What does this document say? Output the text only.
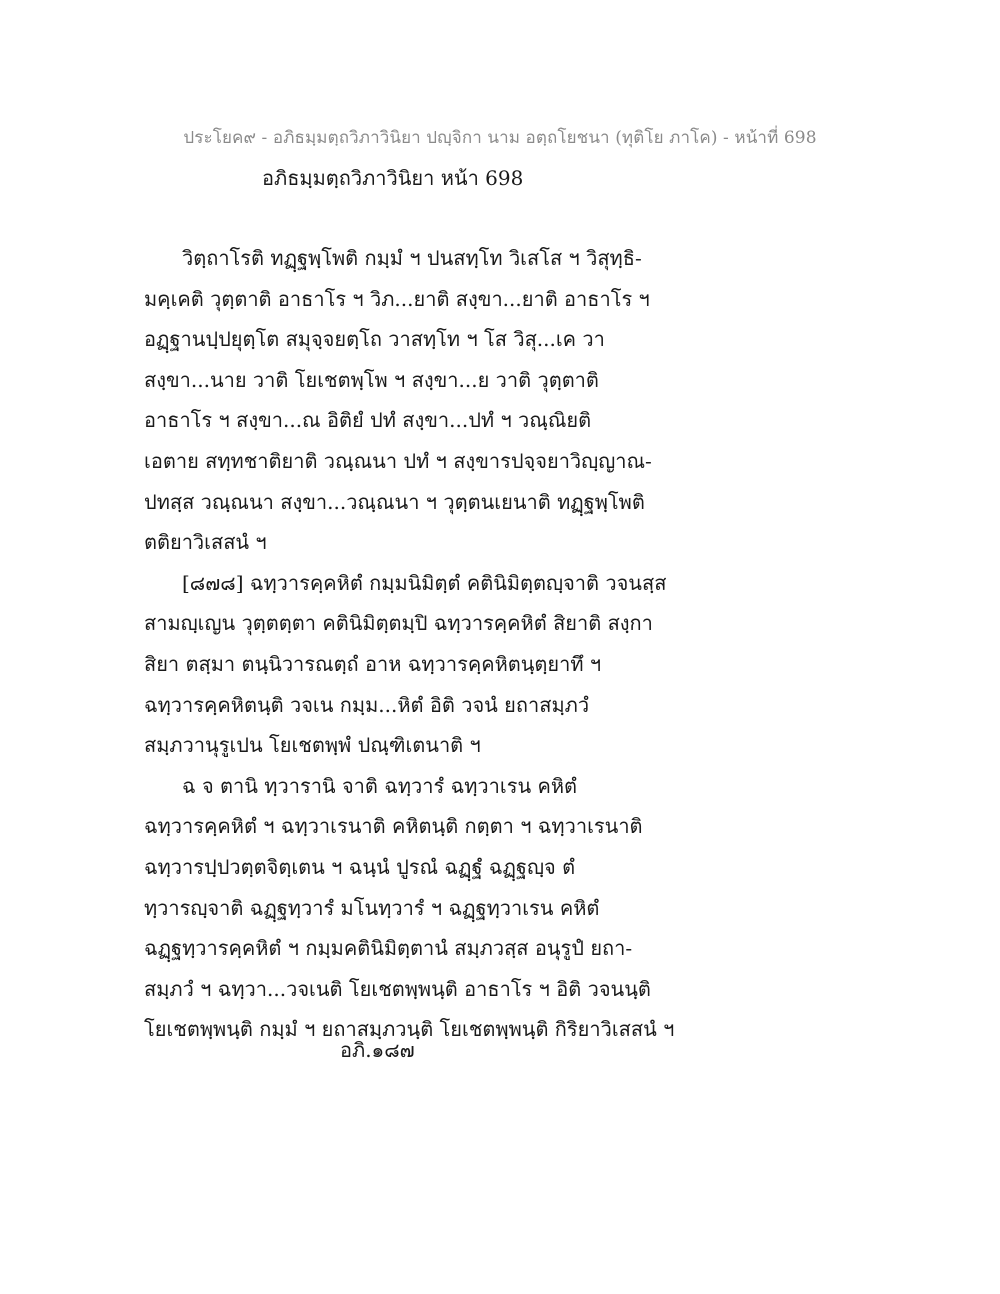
ประโยค๙ - อภิธมฺมตฺถวิภาวินิยา ปญฺจิกา นาม อตฺถโยชนา (ทุติโย ภาโค) - หน้าที่ 698
อภิธมฺมตฺถวิภาวินิยา หน้า 698
วิตฺถาโรติ ทฏฺฐพฺโพติ กมฺมํ ฯ ปนสทฺโท วิเสโส ฯ วิสุทฺธิ-
มคฺเคติ วุตฺตาติ อาธาโร ฯ วิภ...ยาติ สงฺขา...ยาติ อาธาโร ฯ
อฏฺฐานปฺปยุตฺโต สมุจฺจยตฺโถ วาสทฺโท ฯ โส วิสุ...เค วา
สงฺขา...นาย วาติ โยเชตพฺโพ ฯ สงฺขา...ย วาติ วุตฺตาติ
อาธาโร ฯ สงฺขา...ณ อิติยํ ปทํ สงฺขา...ปทํ ฯ วณฺณิยติ
เอตาย สทฺทชาติยาติ วณฺณนา ปทํ ฯ สงฺขารปจฺจยาวิญฺญาณ-
ปทสฺส วณฺณนา สงฺขา...วณฺณนา ฯ วุตฺตนเยนาติ ทฏฺฐพฺโพติ
ตติยาวิเสสนํ ฯ
[๘๗๘] ฉทฺวารคฺคหิตํ กมฺมนิมิตฺตํ คตินิมิตฺตญฺจาติ วจนสฺส
สามญฺเญน วุตฺตตฺตา คตินิมิตฺตมฺปิ ฉทฺวารคฺคหิตํ สิยาติ สงฺกา
สิยา ตสฺมา ตนฺนิวารณตฺถํ อาห ฉทฺวารคฺคหิตนฺตฺยาทึ ฯ
ฉทฺวารคฺคหิตนฺติ วจเน กมฺม...หิตํ อิติ วจนํ ยถาสมฺภวํ
สมฺภวานุรูเปน โยเชตพฺพํ ปณฺฑิเตนาติ ฯ
ฉ จ ตานิ ทฺวารานิ จาติ ฉทฺวารํ ฉทฺวาเรน คหิตํ
ฉทฺวารคฺคหิตํ ฯ ฉทฺวาเรนาติ คหิตนฺติ กตฺตา ฯ ฉทฺวาเรนาติ
ฉทฺวารปฺปวตฺตจิตฺเตน ฯ ฉนฺนํ ปูรณํ ฉฏฺฐํ ฉฏฺฐญฺจ ตํ
ทฺวารญฺจาติ ฉฏฺฐทฺวารํ มโนทฺวารํ ฯ ฉฏฺฐทฺวาเรน คหิตํ
ฉฏฺฐทฺวารคฺคหิตํ ฯ กมฺมคตินิมิตฺตานํ สมฺภวสฺส อนุรูปํ ยถา-
สมฺภวํ ฯ ฉทฺวา...วจเนติ โยเชตพฺพนฺติ อาธาโร ฯ อิติ วจนนฺติ
โยเชตพฺพนฺติ กมฺมํ ฯ ยถาสมฺภวนฺติ โยเชตพฺพนฺติ กิริยาวิเสสนํ ฯ
อภิ.๑๘๗
